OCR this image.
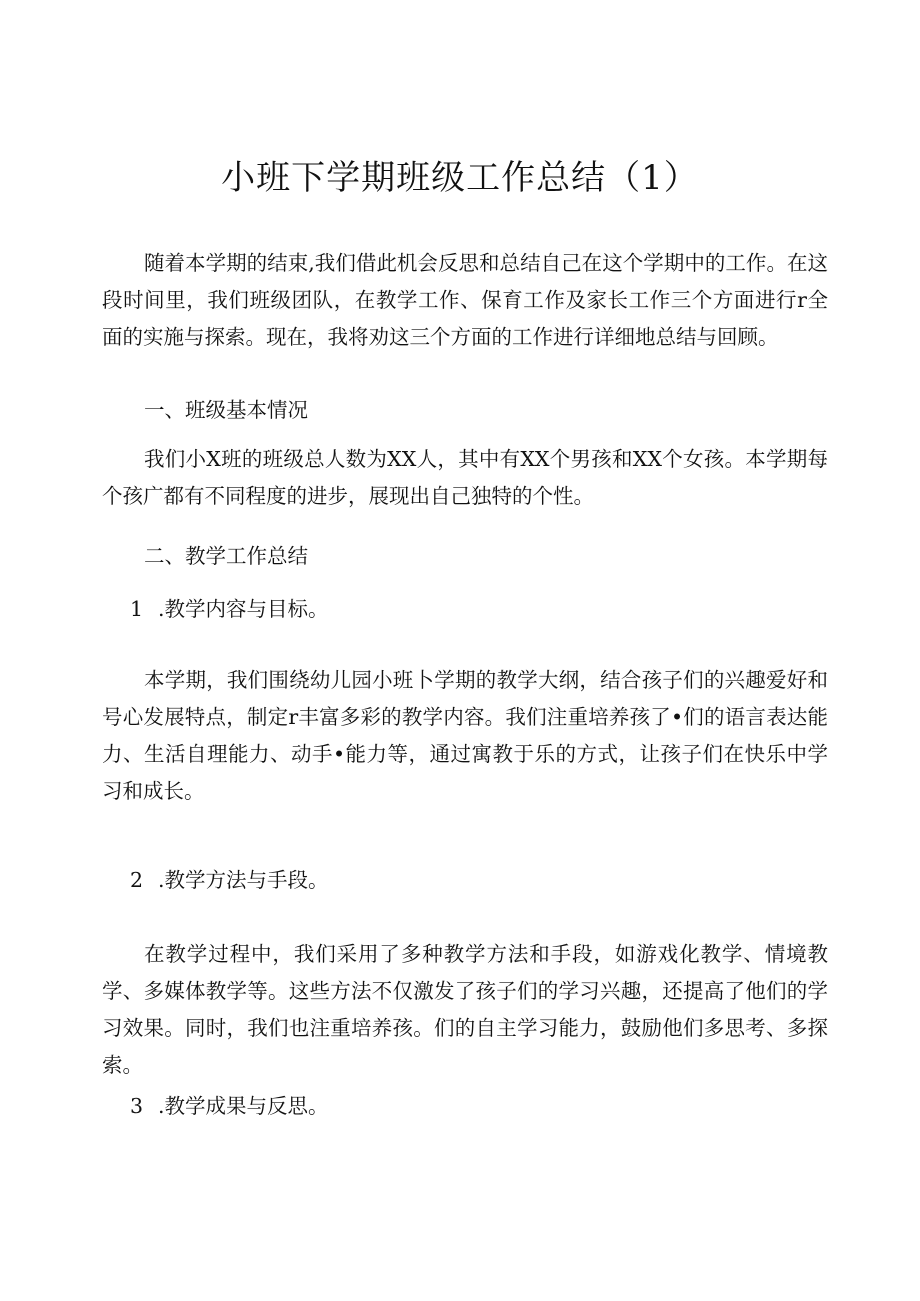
小班下学期班级工作总结（1）

随着本学期的结束,我们借此机会反思和总结自己在这个学期中的工作。在这段时间里，我们班级团队，在教学工作、保育工作及家长工作三个方面进行r全面的实施与探索。现在，我将劝这三个方面的工作进行详细地总结与回顾。

一、班级基本情况

我们小X班的班级总人数为XX人，其中有XX个男孩和XX个女孩。本学期每个孩广都有不同程度的进步，展现出自己独特的个性。

二、教学工作总结

1 .教学内容与目标。

本学期，我们围绕幼儿园小班卜学期的教学大纲，结合孩子们的兴趣爱好和号心发展特点，制定r丰富多彩的教学内容。我们注重培养孩了•们的语言表达能力、生活自理能力、动手•能力等，通过寓教于乐的方式，让孩子们在快乐中学习和成长。

2 .教学方法与手段。

在教学过程中，我们采用了多种教学方法和手段，如游戏化教学、情境教学、多媒体教学等。这些方法不仅激发了孩子们的学习兴趣，还提高了他们的学习效果。同时，我们也注重培养孩。们的自主学习能力，鼓励他们多思考、多探索。

3 .教学成果与反思。
